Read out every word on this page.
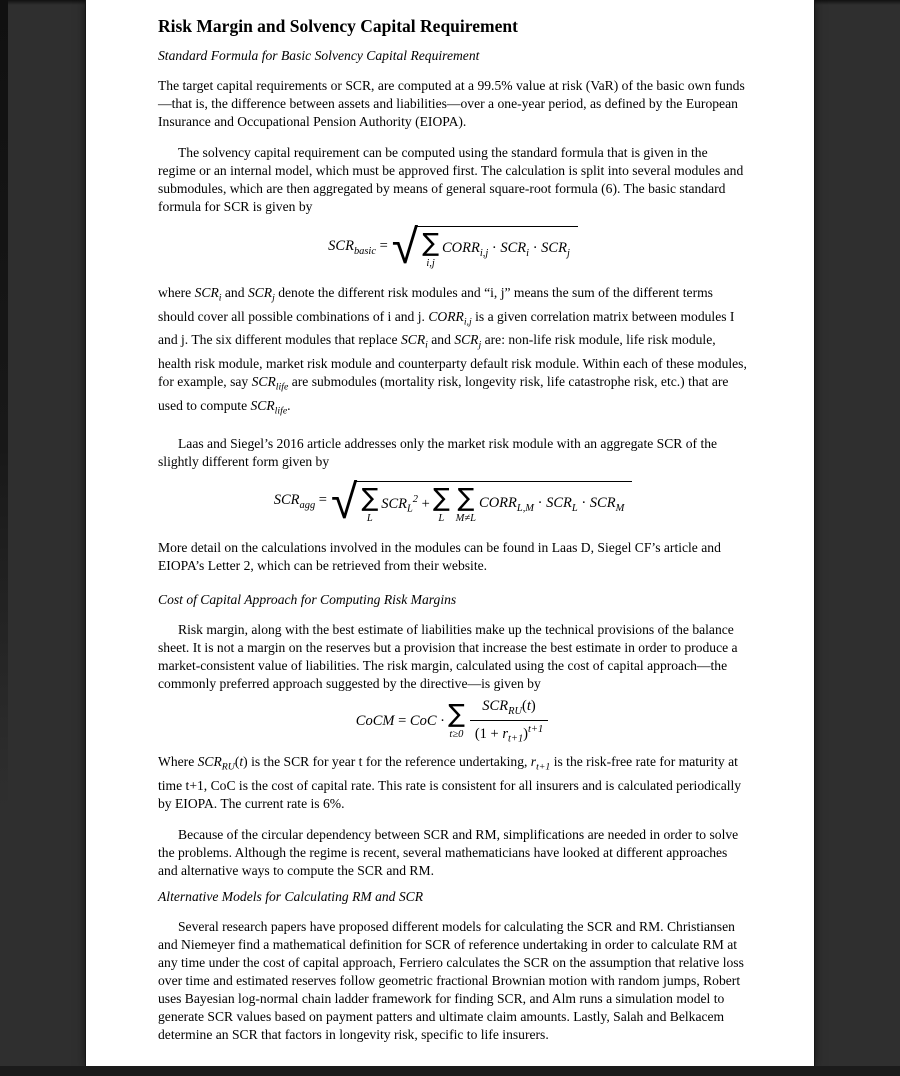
Risk Margin and Solvency Capital Requirement
Standard Formula for Basic Solvency Capital Requirement

The target capital requirements or SCR, are computed at a 99.5% value at risk (VaR) of the basic own funds—that is, the difference between assets and liabilities—over a one-year period, as defined by the European Insurance and Occupational Pension Authority (EIOPA).

The solvency capital requirement can be computed using the standard formula that is given in the regime or an internal model, which must be approved first. The calculation is split into several modules and submodules, which are then aggregated by means of general square-root formula (6). The basic standard formula for SCR is given by

$SCR_{basic}$ = √ ∑
i,j
$CORR_{i,j} \cdot SCR_i \cdot SCR_j$

where $SCR_i$ and $SCR_j$ denote the different risk modules and “i, j” means the sum of the different terms should cover all possible combinations of i and j. $CORR_{i,j}$ is a given correlation matrix between modules I and j. The six different modules that replace $SCR_i$ and $SCR_j$ are: non-life risk module, life risk module, health risk module, market risk module and counterparty default risk module. Within each of these modules, for example, say $SCR_{life}$ are submodules (mortality risk, longevity risk, life catastrophe risk, etc.) that are used to compute $SCR_{life}$.

Laas and Siegel’s 2016 article addresses only the market risk module with an aggregate SCR of the slightly different form given by

$SCR_{agg}$ = √ ∑
L
$SCR_L^2$ + ∑
L
∑
M≠L
$CORR_{L,M} \cdot SCR_L \cdot SCR_M$

More detail on the calculations involved in the modules can be found in Laas D, Siegel CF’s article and EIOPA’s Letter 2, which can be retrieved from their website.

Cost of Capital Approach for Computing Risk Margins

Risk margin, along with the best estimate of liabilities make up the technical provisions of the balance sheet. It is not a margin on the reserves but a provision that increase the best estimate in order to produce a market-consistent value of liabilities. The risk margin, calculated using the cost of capital approach—the commonly preferred approach suggested by the directive—is given by

CoCM = CoC · ∑
$t\ge 0 \frac{SCR_{RU}(t)}{(1 + r_{t+1})^{t+1}}$

Where $SCR_{RU}(t)$ is the SCR for year t for the reference undertaking, $r_{t+1}$ is the risk-free rate for maturity at time t+1, CoC is the cost of capital rate. This rate is consistent for all insurers and is calculated periodically by EIOPA. The current rate is 6%.

Because of the circular dependency between SCR and RM, simplifications are needed in order to solve the problems. Although the regime is recent, several mathematicians have looked at different approaches and alternative ways to compute the SCR and RM.

Alternative Models for Calculating RM and SCR

Several research papers have proposed different models for calculating the SCR and RM. Christiansen and Niemeyer find a mathematical definition for SCR of reference undertaking in order to calculate RM at any time under the cost of capital approach, Ferriero calculates the SCR on the assumption that relative loss over time and estimated reserves follow geometric fractional Brownian motion with random jumps, Robert uses Bayesian log-normal chain ladder framework for finding SCR, and Alm runs a simulation model to generate SCR values based on payment patters and ultimate claim amounts. Lastly, Salah and Belkacem determine an SCR that factors in longevity risk, specific to life insurers.
